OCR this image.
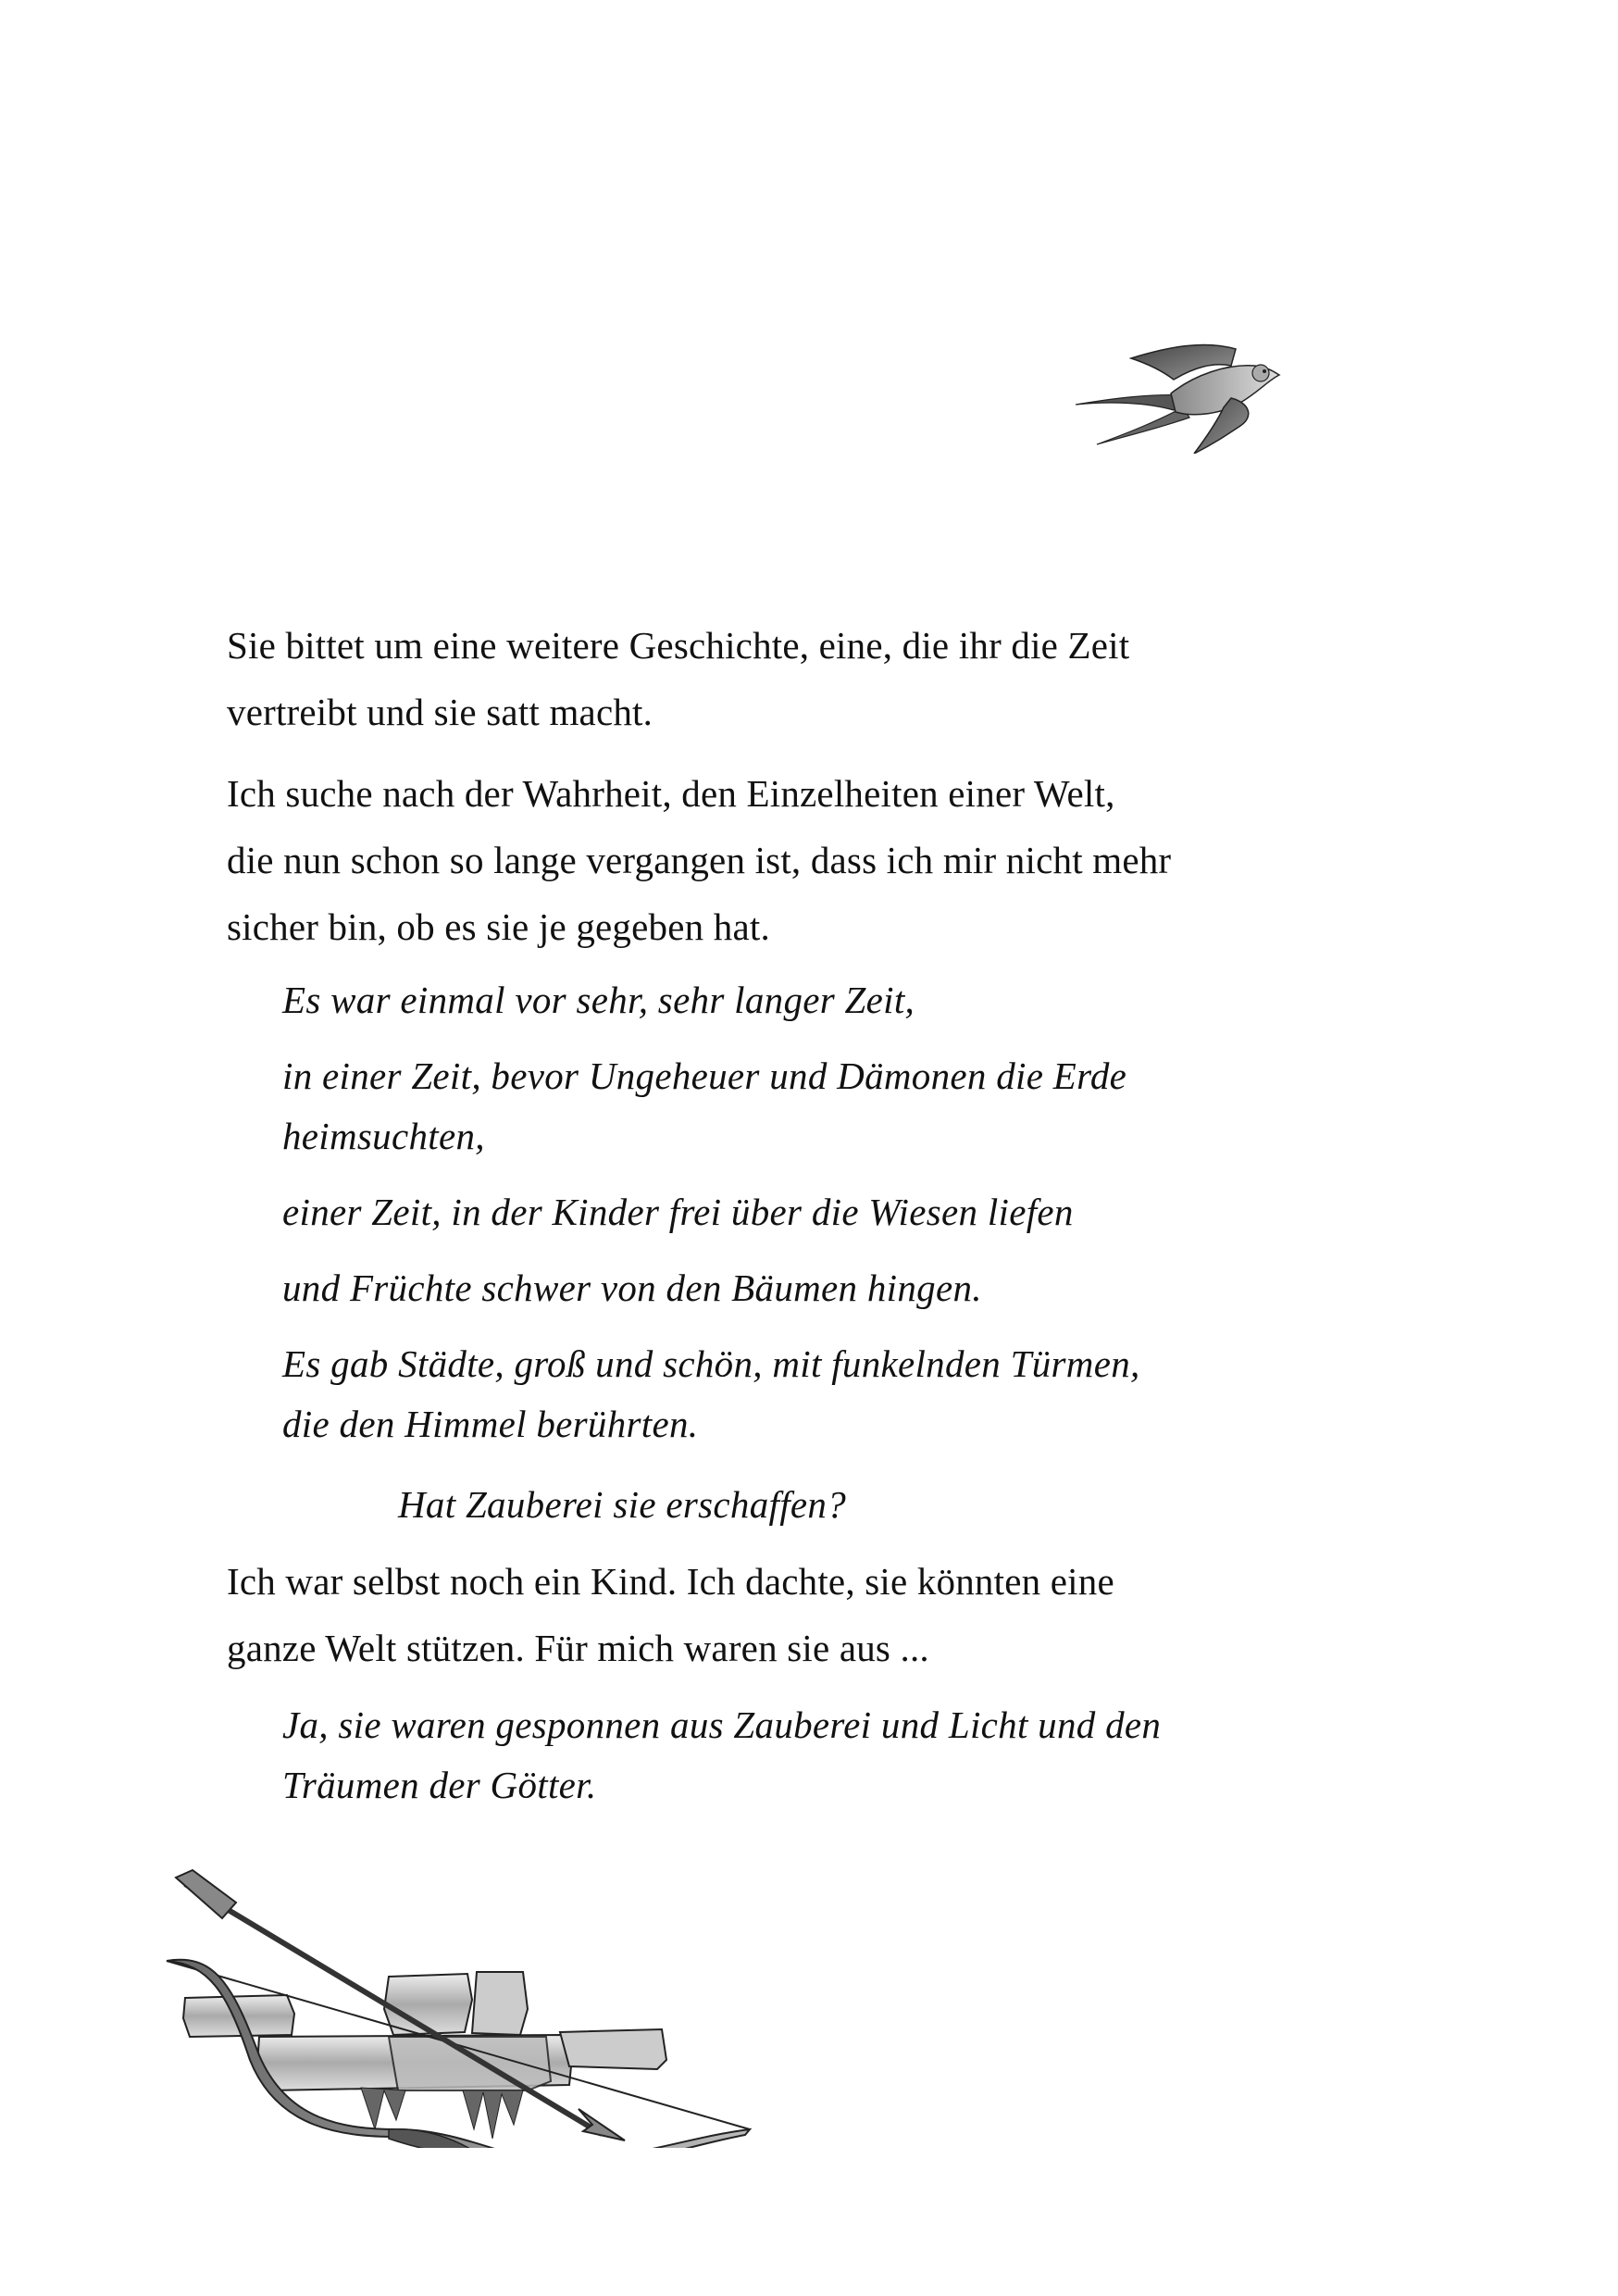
Sie bittet um eine weitere Geschichte, eine, die ihr die Zeit
vertreibt und sie satt macht.
Ich suche nach der Wahrheit, den Einzelheiten einer Welt,
die nun schon so lange vergangen ist, dass ich mir nicht mehr
sicher bin, ob es sie je gegeben hat.
Es war einmal vor sehr, sehr langer Zeit,
in einer Zeit, bevor Ungeheuer und Dämonen die Erde
heimsuchten,
einer Zeit, in der Kinder frei über die Wiesen liefen
und Früchte schwer von den Bäumen hingen.
Es gab Städte, groß und schön, mit funkelnden Türmen,
die den Himmel berührten.
Hat Zauberei sie erschaffen?
Ich war selbst noch ein Kind. Ich dachte, sie könnten eine
ganze Welt stützen. Für mich waren sie aus ...
Ja, sie waren gesponnen aus Zauberei und Licht und den
Träumen der Götter.
